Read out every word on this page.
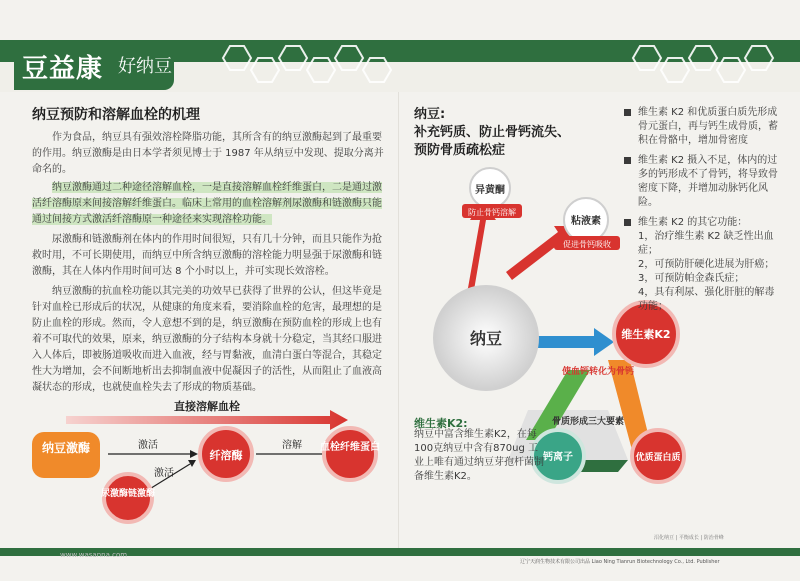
豆益康 好纳豆
纳豆预防和溶解血栓的机理
作为食品，纳豆具有强效溶栓降脂功能，其所含有的纳豆激酶起到了最重要的作用。纳豆激酶是由日本学者须见博士于 1987 年从纳豆中发现、提取分离并命名的。
纳豆激酶通过二种途径溶解血栓，一是直接溶解血栓纤维蛋白，二是通过激活纤溶酶原来间接溶解纤维蛋白。临床上常用的血栓溶解剂尿激酶和链激酶只能通过间接方式激活纤溶酶原一种途径来实现溶栓功能。
尿激酶和链激酶剂在体内的作用时间很短，只有几十分钟，而且只能作为抢救时用，不可长期使用，而纳豆中所含纳豆激酶的溶栓能力明显强于尿激酶和链激酶，其在人体内作用时间可达 8 个小时以上，并可实现长效溶栓。
纳豆激酶的抗血栓功能以其完美的功效早已获得了世界的公认，但这毕竟是针对血栓已形成后的状况，从健康的角度来看，要消除血栓的危害，最理想的是防止血栓的形成。然而，令人意想不到的是，纳豆激酶在预防血栓的形成上也有着不可取代的效果，原来，纳豆激酶的分子结构本身就十分稳定，当其经口服进入人体后，即被肠道吸收而进入血液，经与胃黏液，血清白蛋白等混合，其稳定性大为增加，会不间断地析出去抑制血液中促凝因子的活性，从而阻止了血液高凝状态的形成，也就使血栓失去了形成的物质基础。
直接溶解血栓
纳豆激酶
纤溶酶
血栓纤维蛋白
尿激酶链激酶
激活	溶解
激活
纳豆:
补充钙质、防止骨钙流失、
预防骨质疏松症
异黄酮
防止骨钙溶解
粘液素
促进骨钙吸收
纳豆	维生素K2
使血钙转化为骨钙
骨质形成三大要素
钙离子	优质蛋白质
维生素K2:
纳豆中富含维生素K2，在每100克纳豆中含有870ug 工业上唯有通过纳豆芽孢杆菌制备维生素K2。
维生素 K2 和优质蛋白质先形成骨元蛋白，再与钙生成骨质，蓄积在骨骼中，增加骨密度
维生素 K2 摄入不足，体内的过多的钙形成不了骨钙，将导致骨密度下降，并增加动脉钙化风险。
维生素 K2 的其它功能：
1，治疗维生素 K2 缺乏性出血症；
2，可预防肝硬化进展为肝癌；
3，可预防帕金森氏症；
4，具有利尿、强化肝脏的解毒功能；
沼化纳豆 | 平衡成长 | 防治骨峰
www.wasanna.com
辽宁天润生物技术有限公司出品 Liao Ning Tianrun Biotechnology Co., Ltd. Publisher
